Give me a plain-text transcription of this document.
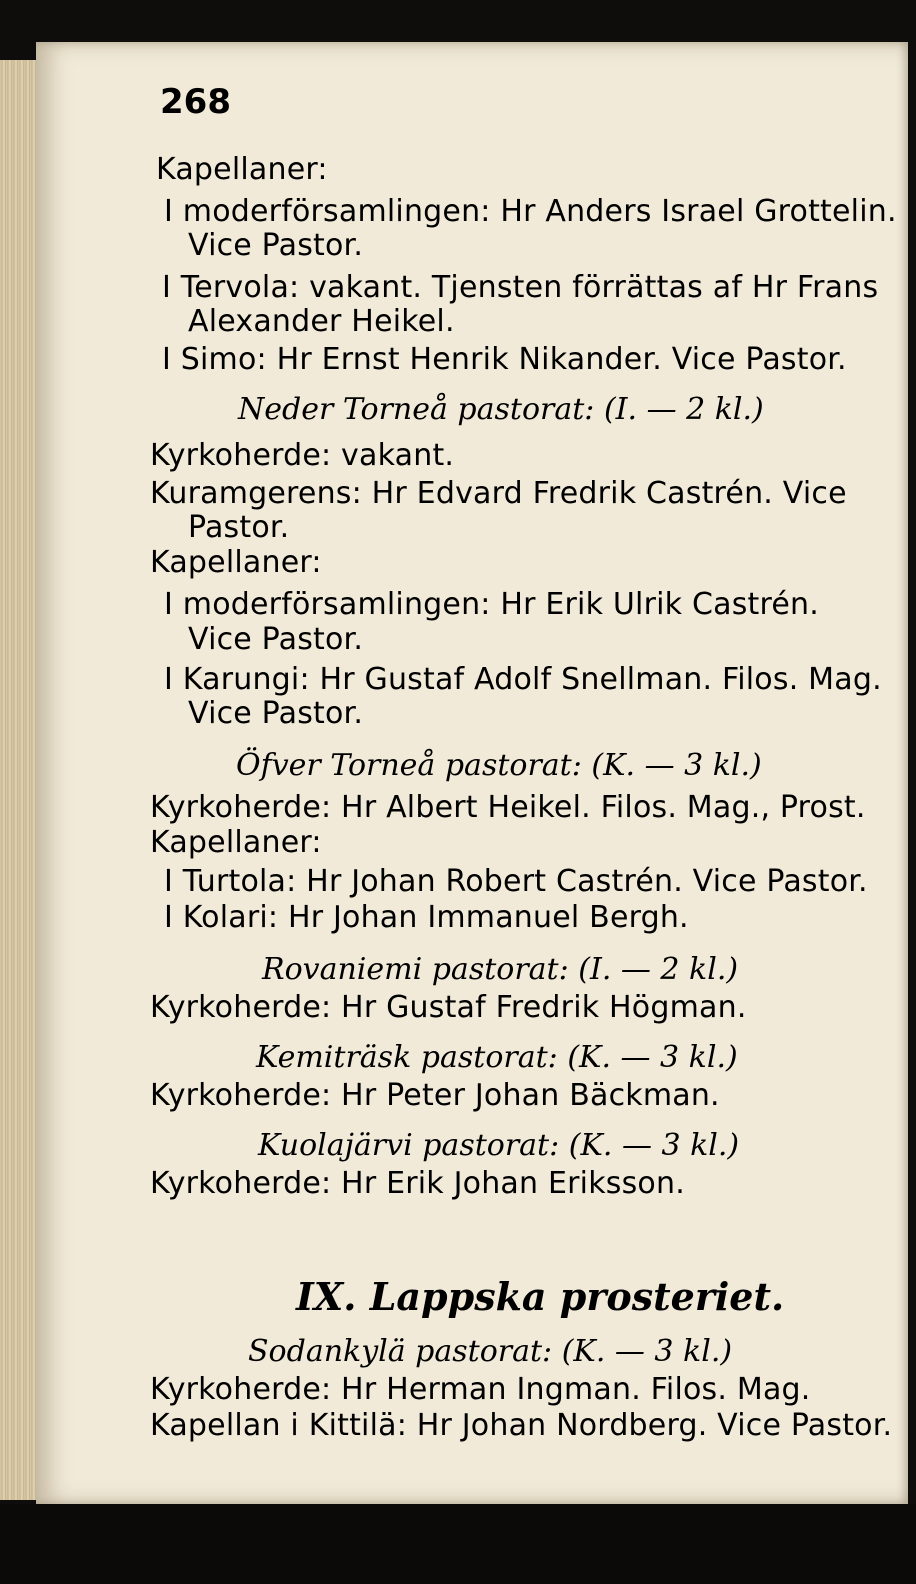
268
Kapellaner:
I moderförsamlingen: Hr Anders Israel Grottelin.
Vice Pastor.
I Tervola: vakant. Tjensten förrättas af Hr Frans
Alexander Heikel.
I Simo: Hr Ernst Henrik Nikander. Vice Pastor.
Neder Torneå pastorat: (I. — 2 kl.)
Kyrkoherde: vakant.
Kuramgerens: Hr Edvard Fredrik Castrén. Vice
Pastor.
Kapellaner:
I moderförsamlingen: Hr Erik Ulrik Castrén.
Vice Pastor.
I Karungi: Hr Gustaf Adolf Snellman. Filos. Mag.
Vice Pastor.
Öfver Torneå pastorat: (K. — 3 kl.)
Kyrkoherde: Hr Albert Heikel. Filos. Mag., Prost.
Kapellaner:
I Turtola: Hr Johan Robert Castrén. Vice Pastor.
I Kolari: Hr Johan Immanuel Bergh.
Rovaniemi pastorat: (I. — 2 kl.)
Kyrkoherde: Hr Gustaf Fredrik Högman.
Kemiträsk pastorat: (K. — 3 kl.)
Kyrkoherde: Hr Peter Johan Bäckman.
Kuolajärvi pastorat: (K. — 3 kl.)
Kyrkoherde: Hr Erik Johan Eriksson.
IX. Lappska prosteriet.
Sodankylä pastorat: (K. — 3 kl.)
Kyrkoherde: Hr Herman Ingman. Filos. Mag.
Kapellan i Kittilä: Hr Johan Nordberg. Vice Pastor.
